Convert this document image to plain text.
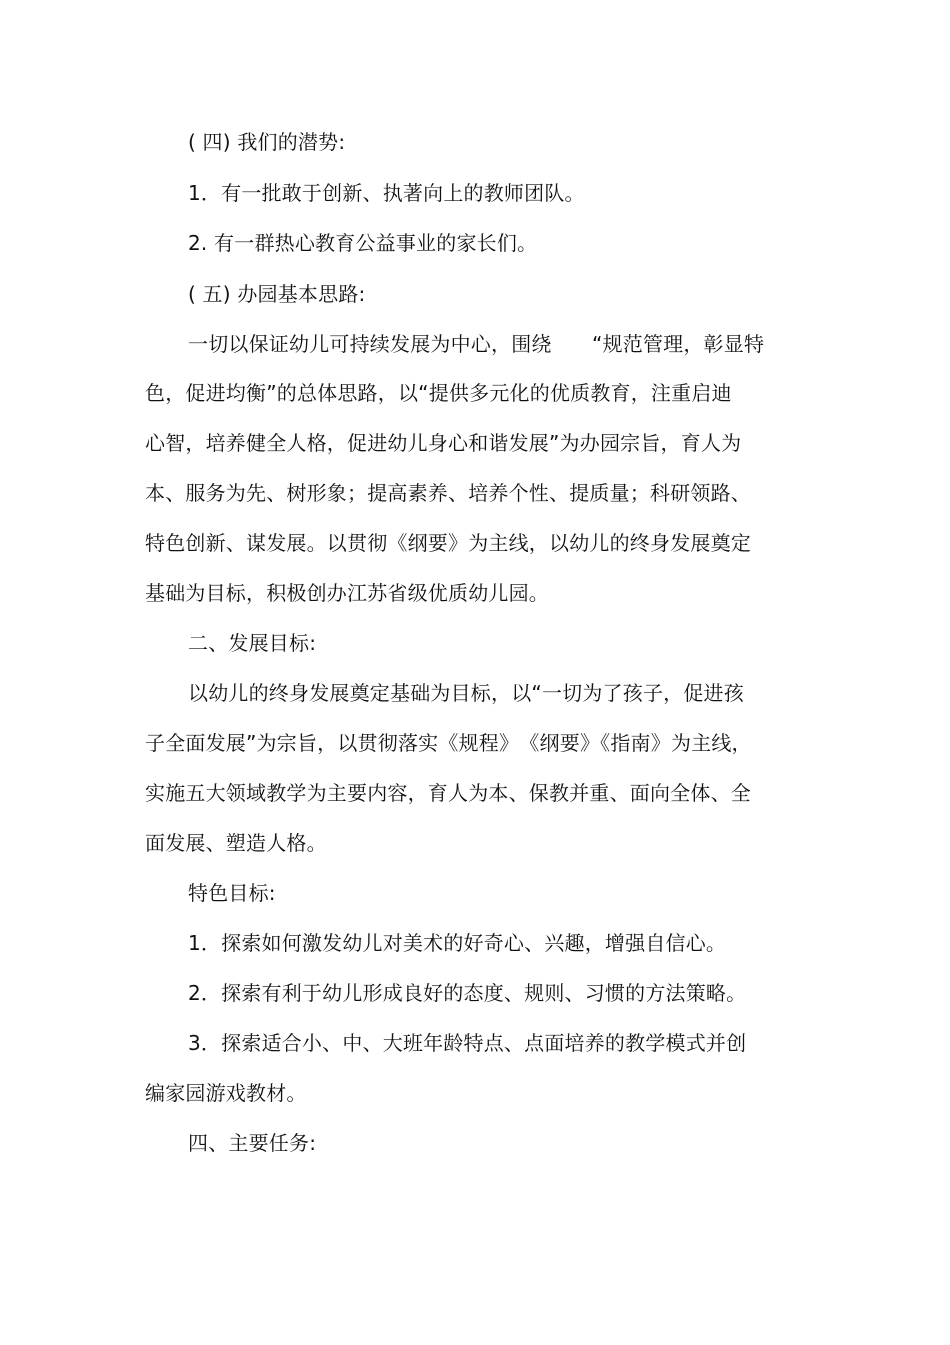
( 四) 我们的潜势:
1．有一批敢于创新、执著向上的教师团队。
2. 有一群热心教育公益事业的家长们。
( 五) 办园基本思路:
一切以保证幼儿可持续发展为中心，围绕　　“规范管理，彰显特
色，促进均衡”的总体思路，以“提供多元化的优质教育，注重启迪
心智，培养健全人格，促进幼儿身心和谐发展”为办园宗旨，育人为
本、服务为先、树形象；提高素养、培养个性、提质量；科研领路、
特色创新、谋发展。以贯彻《纲要》为主线，以幼儿的终身发展奠定
基础为目标，积极创办江苏省级优质幼儿园。
二、发展目标:
以幼儿的终身发展奠定基础为目标，以“一切为了孩子，促进孩
子全面发展”为宗旨，以贯彻落实《规程》　《纲要》《指南》为主线，
实施五大领域教学为主要内容，育人为本、保教并重、面向全体、全
面发展、塑造人格。
特色目标:
1．探索如何激发幼儿对美术的好奇心、兴趣，增强自信心。
2．探索有利于幼儿形成良好的态度、规则、习惯的方法策略。
3．探索适合小、中、大班年龄特点、点面培养的教学模式并创
编家园游戏教材。
四、主要任务:
